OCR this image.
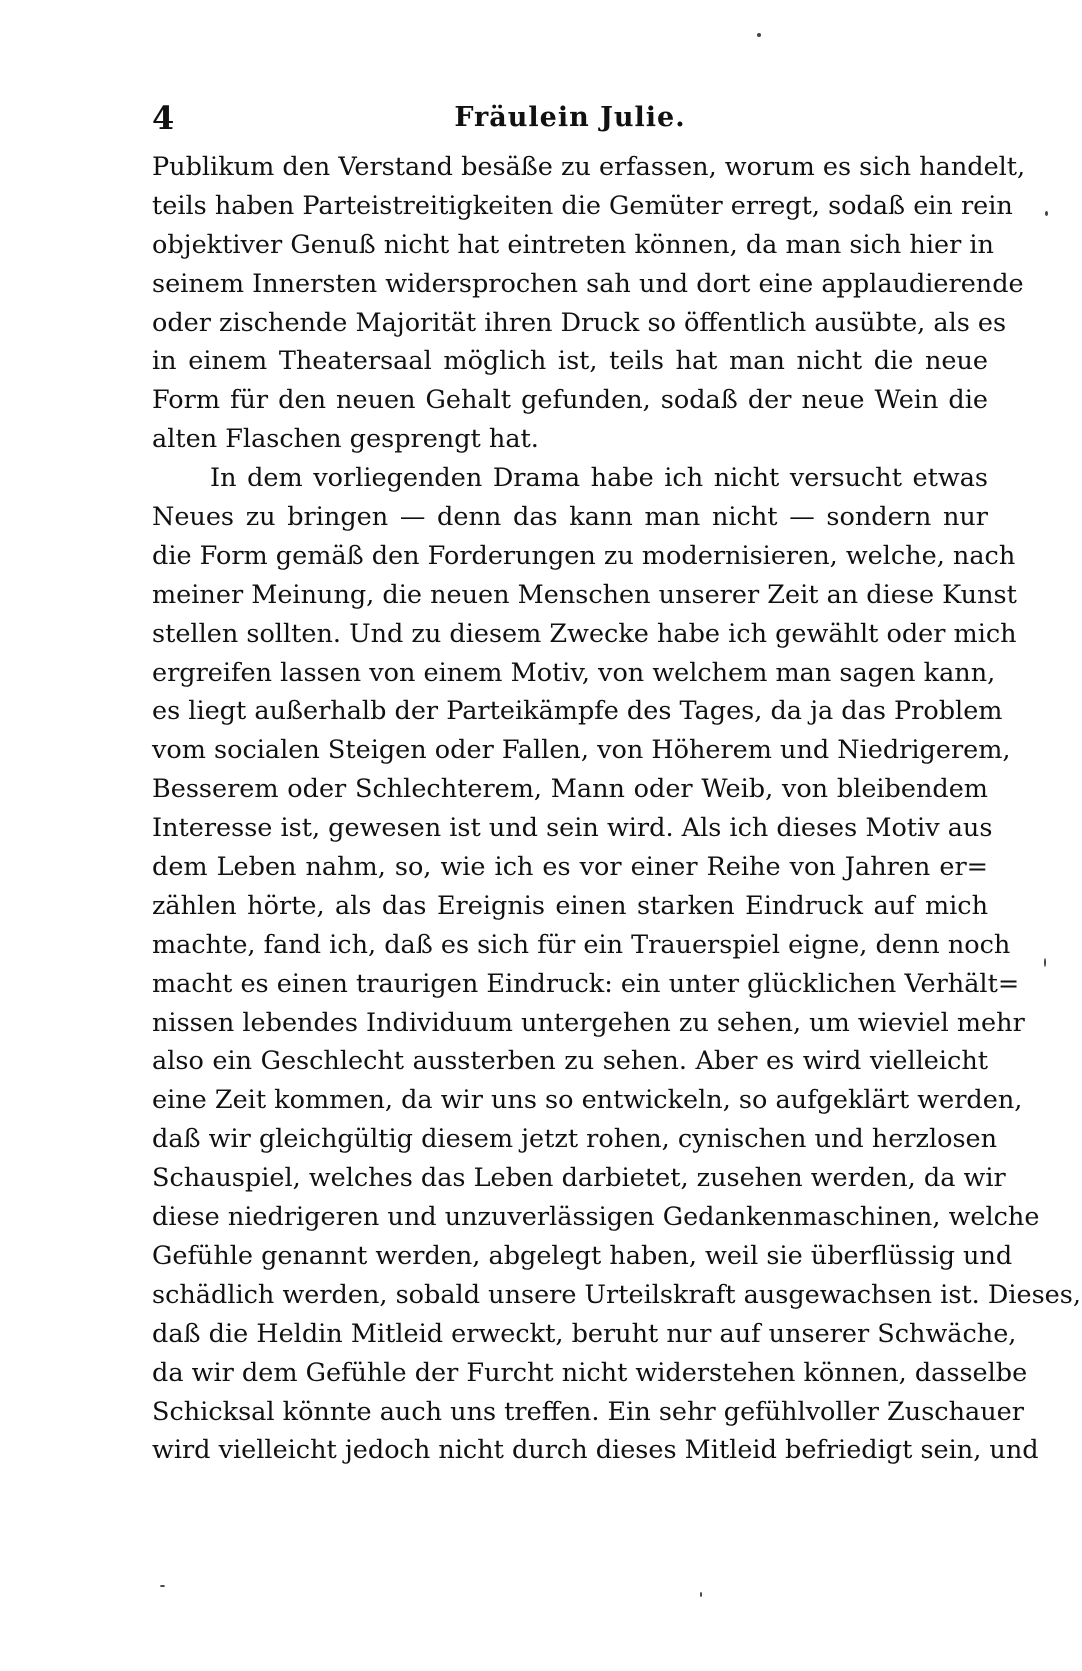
4	Fräulein Julie.
Publikum den Verstand besäße zu erfassen, worum es sich handelt,
teils haben Parteistreitigkeiten die Gemüter erregt, sodaß ein rein
objektiver Genuß nicht hat eintreten können, da man sich hier in
seinem Innersten widersprochen sah und dort eine applaudierende
oder zischende Majorität ihren Druck so öffentlich ausübte, als es
in einem Theatersaal möglich ist, teils hat man nicht die neue
Form für den neuen Gehalt gefunden, sodaß der neue Wein die
alten Flaschen gesprengt hat.
In dem vorliegenden Drama habe ich nicht versucht etwas
Neues zu bringen — denn das kann man nicht — sondern nur
die Form gemäß den Forderungen zu modernisieren, welche, nach
meiner Meinung, die neuen Menschen unserer Zeit an diese Kunst
stellen sollten. Und zu diesem Zwecke habe ich gewählt oder mich
ergreifen lassen von einem Motiv, von welchem man sagen kann,
es liegt außerhalb der Parteikämpfe des Tages, da ja das Problem
vom socialen Steigen oder Fallen, von Höherem und Niedrigerem,
Besserem oder Schlechterem, Mann oder Weib, von bleibendem
Interesse ist, gewesen ist und sein wird. Als ich dieses Motiv aus
dem Leben nahm, so, wie ich es vor einer Reihe von Jahren er=
zählen hörte, als das Ereignis einen starken Eindruck auf mich
machte, fand ich, daß es sich für ein Trauerspiel eigne, denn noch
macht es einen traurigen Eindruck: ein unter glücklichen Verhält=
nissen lebendes Individuum untergehen zu sehen, um wieviel mehr
also ein Geschlecht aussterben zu sehen. Aber es wird vielleicht
eine Zeit kommen, da wir uns so entwickeln, so aufgeklärt werden,
daß wir gleichgültig diesem jetzt rohen, cynischen und herzlosen
Schauspiel, welches das Leben darbietet, zusehen werden, da wir
diese niedrigeren und unzuverlässigen Gedankenmaschinen, welche
Gefühle genannt werden, abgelegt haben, weil sie überflüssig und
schädlich werden, sobald unsere Urteilskraft ausgewachsen ist. Dieses,
daß die Heldin Mitleid erweckt, beruht nur auf unserer Schwäche,
da wir dem Gefühle der Furcht nicht widerstehen können, dasselbe
Schicksal könnte auch uns treffen. Ein sehr gefühlvoller Zuschauer
wird vielleicht jedoch nicht durch dieses Mitleid befriedigt sein, und
